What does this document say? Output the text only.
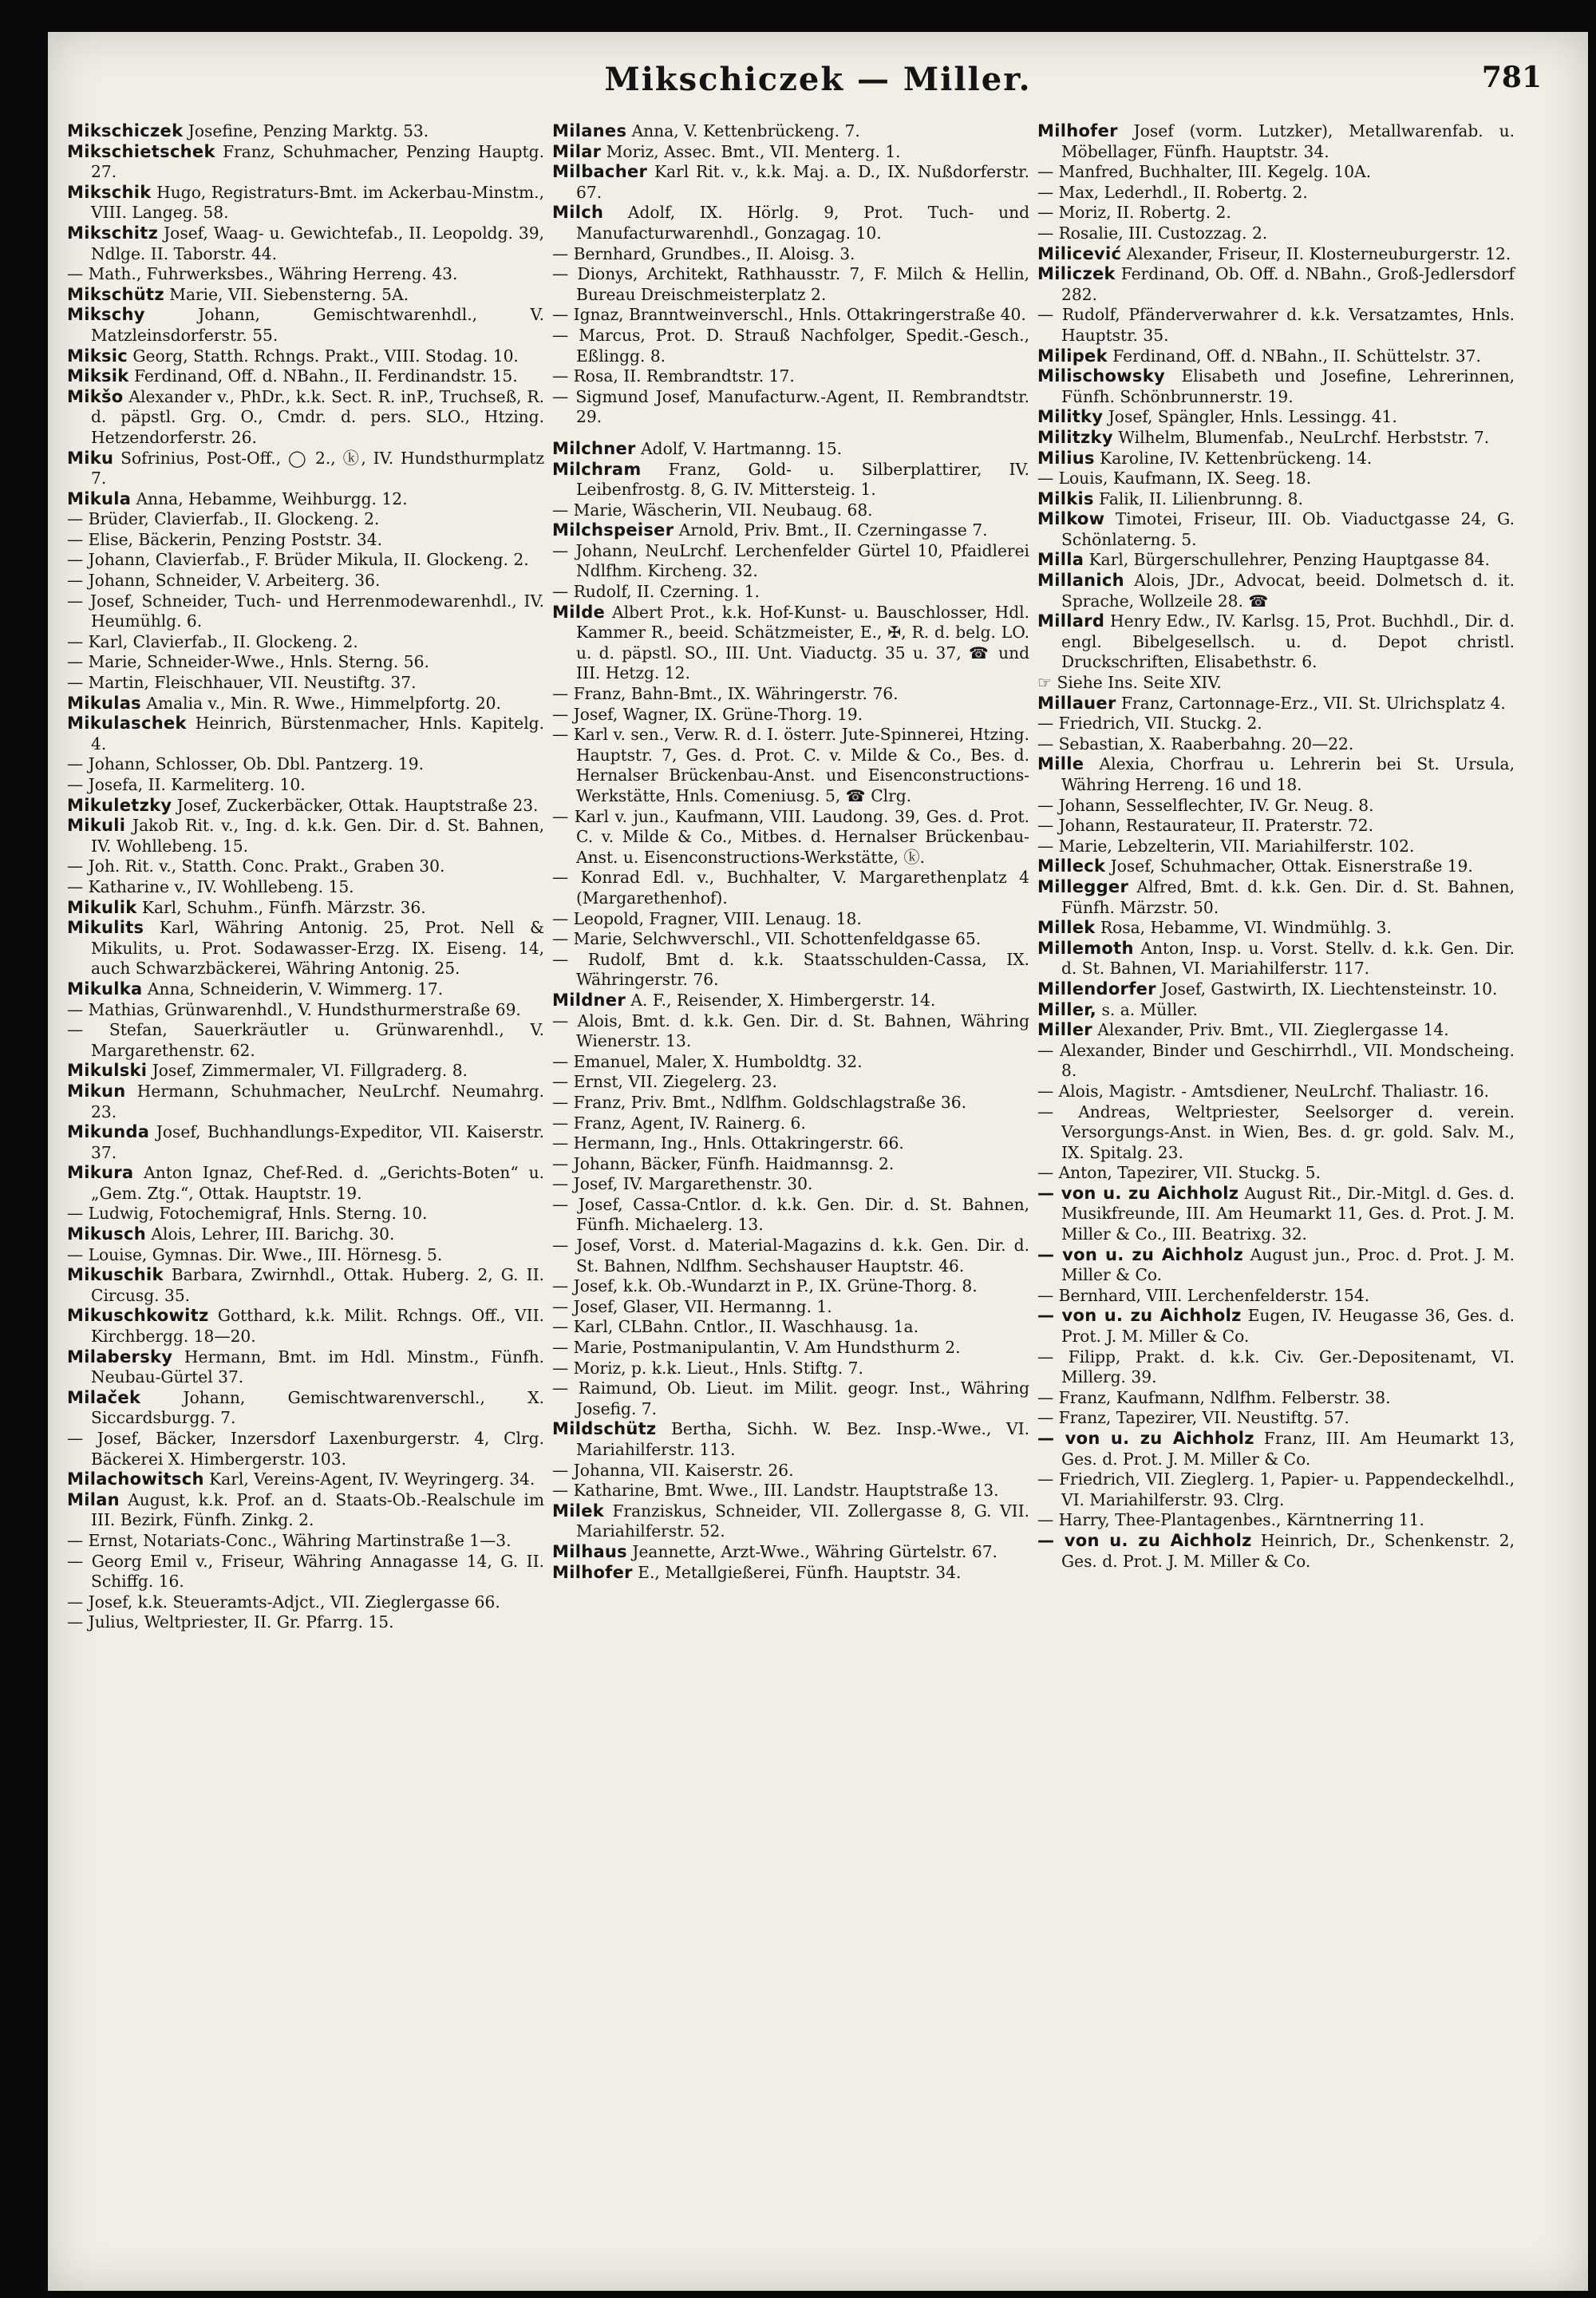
Mikschiczek — Miller.	781

Mikschiczek Josefine, Penzing Marktg. 53.

Mikschietschek Franz, Schuhmacher, Penzing Hauptg. 27.

Mikschik Hugo, Registraturs-Bmt. im Ackerbau-Minstm., VIII. Langeg. 58.

Mikschitz Josef, Waag- u. Gewichtefab., II. Leopoldg. 39, Ndlge. II. Taborstr. 44.

— Math., Fuhrwerksbes., Währing Herreng. 43.

Mikschütz Marie, VII. Siebensterng. 5A.

Mikschy Johann, Gemischtwarenhdl., V. Matzleinsdorferstr. 55.

Miksic Georg, Statth. Rchngs. Prakt., VIII. Stodag. 10.

Miksik Ferdinand, Off. d. NBahn., II. Ferdinandstr. 15.

Mikšo Alexander v., PhDr., k.k. Sect. R. inP., Truchseß, R. d. päpstl. Grg. O., Cmdr. d. pers. SLO., Htzing. Hetzendorferstr. 26.

Miku Sofrinius, Post-Off., ◯ 2., ⓚ, IV. Hundsthurmplatz 7.

Mikula Anna, Hebamme, Weihburgg. 12.

— Brüder, Clavierfab., II. Glockeng. 2.

— Elise, Bäckerin, Penzing Poststr. 34.

— Johann, Clavierfab., F. Brüder Mikula, II. Glockeng. 2.

— Johann, Schneider, V. Arbeiterg. 36.

— Josef, Schneider, Tuch- und Herrenmodewarenhdl., IV. Heumühlg. 6.

— Karl, Clavierfab., II. Glockeng. 2.

— Marie, Schneider-Wwe., Hnls. Sterng. 56.

— Martin, Fleischhauer, VII. Neustiftg. 37.

Mikulas Amalia v., Min. R. Wwe., Himmelpfortg. 20.

Mikulaschek Heinrich, Bürstenmacher, Hnls. Kapitelg. 4.

— Johann, Schlosser, Ob. Dbl. Pantzerg. 19.

— Josefa, II. Karmeliterg. 10.

Mikuletzky Josef, Zuckerbäcker, Ottak. Hauptstraße 23.

Mikuli Jakob Rit. v., Ing. d. k.k. Gen. Dir. d. St. Bahnen, IV. Wohllebeng. 15.

— Joh. Rit. v., Statth. Conc. Prakt., Graben 30.

— Katharine v., IV. Wohllebeng. 15.

Mikulik Karl, Schuhm., Fünfh. Märzstr. 36.

Mikulits Karl, Währing Antonig. 25, Prot. Nell & Mikulits, u. Prot. Sodawasser-Erzg. IX. Eiseng. 14, auch Schwarzbäckerei, Währing Antonig. 25.

Mikulka Anna, Schneiderin, V. Wimmerg. 17.

— Mathias, Grünwarenhdl., V. Hundsthurmerstraße 69.

— Stefan, Sauerkräutler u. Grünwarenhdl., V. Margarethenstr. 62.

Mikulski Josef, Zimmermaler, VI. Fillgraderg. 8.

Mikun Hermann, Schuhmacher, NeuLrchf. Neumahrg. 23.

Mikunda Josef, Buchhandlungs-Expeditor, VII. Kaiserstr. 37.

Mikura Anton Ignaz, Chef-Red. d. „Gerichts-Boten“ u. „Gem. Ztg.“, Ottak. Hauptstr. 19.

— Ludwig, Fotochemigraf, Hnls. Sterng. 10.

Mikusch Alois, Lehrer, III. Barichg. 30.

— Louise, Gymnas. Dir. Wwe., III. Hörnesg. 5.

Mikuschik Barbara, Zwirnhdl., Ottak. Huberg. 2, G. II. Circusg. 35.

Mikuschkowitz Gotthard, k.k. Milit. Rchngs. Off., VII. Kirchbergg. 18—20.

Milabersky Hermann, Bmt. im Hdl. Minstm., Fünfh. Neubau-Gürtel 37.

Milaček Johann, Gemischtwarenverschl., X. Siccardsburgg. 7.

— Josef, Bäcker, Inzersdorf Laxenburgerstr. 4, Clrg. Bäckerei X. Himbergerstr. 103.

Milachowitsch Karl, Vereins-Agent, IV. Weyringerg. 34.

Milan August, k.k. Prof. an d. Staats-Ob.-Realschule im III. Bezirk, Fünfh. Zinkg. 2.

— Ernst, Notariats-Conc., Währing Martinstraße 1—3.

— Georg Emil v., Friseur, Währing Annagasse 14, G. II. Schiffg. 16.

— Josef, k.k. Steueramts-Adjct., VII. Zieglergasse 66.

— Julius, Weltpriester, II. Gr. Pfarrg. 15.

Milanes Anna, V. Kettenbrückeng. 7.

Milar Moriz, Assec. Bmt., VII. Menterg. 1.

Milbacher Karl Rit. v., k.k. Maj. a. D., IX. Nußdorferstr. 67.

Milch Adolf, IX. Hörlg. 9, Prot. Tuch- und Manufacturwarenhdl., Gonzagag. 10.

— Bernhard, Grundbes., II. Aloisg. 3.

— Dionys, Architekt, Rathhausstr. 7, F. Milch & Hellin, Bureau Dreischmeisterplatz 2.

— Ignaz, Branntweinverschl., Hnls. Ottakringerstraße 40.

— Marcus, Prot. D. Strauß Nachfolger, Spedit.-Gesch., Eßlingg. 8.

— Rosa, II. Rembrandtstr. 17.

— Sigmund Josef, Manufacturw.-Agent, II. Rembrandtstr. 29.

Milchner Adolf, V. Hartmanng. 15.

Milchram Franz, Gold- u. Silberplattirer, IV. Leibenfrostg. 8, G. IV. Mittersteig. 1.

— Marie, Wäscherin, VII. Neubaug. 68.

Milchspeiser Arnold, Priv. Bmt., II. Czerningasse 7.

— Johann, NeuLrchf. Lerchenfelder Gürtel 10, Pfaidlerei Ndlfhm. Kircheng. 32.

— Rudolf, II. Czerning. 1.

Milde Albert Prot., k.k. Hof-Kunst- u. Bauschlosser, Hdl. Kammer R., beeid. Schätzmeister, E., ✠, R. d. belg. LO. u. d. päpstl. SO., III. Unt. Viaductg. 35 u. 37, ☎ und III. Hetzg. 12.

— Franz, Bahn-Bmt., IX. Währingerstr. 76.

— Josef, Wagner, IX. Grüne-Thorg. 19.

— Karl v. sen., Verw. R. d. I. österr. Jute-Spinnerei, Htzing. Hauptstr. 7, Ges. d. Prot. C. v. Milde & Co., Bes. d. Hernalser Brückenbau-Anst. und Eisenconstructions-Werkstätte, Hnls. Comeniusg. 5, ☎ Clrg.

— Karl v. jun., Kaufmann, VIII. Laudong. 39, Ges. d. Prot. C. v. Milde & Co., Mitbes. d. Hernalser Brückenbau-Anst. u. Eisenconstructions-Werkstätte, ⓚ.

— Konrad Edl. v., Buchhalter, V. Margarethenplatz 4 (Margarethenhof).

— Leopold, Fragner, VIII. Lenaug. 18.

— Marie, Selchwverschl., VII. Schottenfeldgasse 65.

— Rudolf, Bmt d. k.k. Staatsschulden-Cassa, IX. Währingerstr. 76.

Mildner A. F., Reisender, X. Himbergerstr. 14.

— Alois, Bmt. d. k.k. Gen. Dir. d. St. Bahnen, Währing Wienerstr. 13.

— Emanuel, Maler, X. Humboldtg. 32.

— Ernst, VII. Ziegelerg. 23.

— Franz, Priv. Bmt., Ndlfhm. Goldschlagstraße 36.

— Franz, Agent, IV. Rainerg. 6.

— Hermann, Ing., Hnls. Ottakringerstr. 66.

— Johann, Bäcker, Fünfh. Haidmannsg. 2.

— Josef, IV. Margarethenstr. 30.

— Josef, Cassa-Cntlor. d. k.k. Gen. Dir. d. St. Bahnen, Fünfh. Michaelerg. 13.

— Josef, Vorst. d. Material-Magazins d. k.k. Gen. Dir. d. St. Bahnen, Ndlfhm. Sechshauser Hauptstr. 46.

— Josef, k.k. Ob.-Wundarzt in P., IX. Grüne-Thorg. 8.

— Josef, Glaser, VII. Hermanng. 1.

— Karl, CLBahn. Cntlor., II. Waschhausg. 1a.

— Marie, Postmanipulantin, V. Am Hundsthurm 2.

— Moriz, p. k.k. Lieut., Hnls. Stiftg. 7.

— Raimund, Ob. Lieut. im Milit. geogr. Inst., Währing Josefig. 7.

Mildschütz Bertha, Sichh. W. Bez. Insp.-Wwe., VI. Mariahilferstr. 113.

— Johanna, VII. Kaiserstr. 26.

— Katharine, Bmt. Wwe., III. Landstr. Hauptstraße 13.

Milek Franziskus, Schneider, VII. Zollergasse 8, G. VII. Mariahilferstr. 52.

Milhaus Jeannette, Arzt-Wwe., Währing Gürtelstr. 67.

Milhofer E., Metallgießerei, Fünfh. Hauptstr. 34.

Milhofer Josef (vorm. Lutzker), Metallwarenfab. u. Möbellager, Fünfh. Hauptstr. 34.

— Manfred, Buchhalter, III. Kegelg. 10A.

— Max, Lederhdl., II. Robertg. 2.

— Moriz, II. Robertg. 2.

— Rosalie, III. Custozzag. 2.

Milicević Alexander, Friseur, II. Klosterneuburgerstr. 12.

Miliczek Ferdinand, Ob. Off. d. NBahn., Groß-Jedlersdorf 282.

— Rudolf, Pfänderverwahrer d. k.k. Versatzamtes, Hnls. Hauptstr. 35.

Milipek Ferdinand, Off. d. NBahn., II. Schüttelstr. 37.

Milischowsky Elisabeth und Josefine, Lehrerinnen, Fünfh. Schönbrunnerstr. 19.

Militky Josef, Spängler, Hnls. Lessingg. 41.

Militzky Wilhelm, Blumenfab., NeuLrchf. Herbststr. 7.

Milius Karoline, IV. Kettenbrückeng. 14.

— Louis, Kaufmann, IX. Seeg. 18.

Milkis Falik, II. Lilienbrunng. 8.

Milkow Timotei, Friseur, III. Ob. Viaductgasse 24, G. Schönlaterng. 5.

Milla Karl, Bürgerschullehrer, Penzing Hauptgasse 84.

Millanich Alois, JDr., Advocat, beeid. Dolmetsch d. it. Sprache, Wollzeile 28. ☎

Millard Henry Edw., IV. Karlsg. 15, Prot. Buchhdl., Dir. d. engl. Bibelgesellsch. u. d. Depot christl. Druckschriften, Elisabethstr. 6.

☞ Siehe Ins. Seite XIV.

Millauer Franz, Cartonnage-Erz., VII. St. Ulrichsplatz 4.

— Friedrich, VII. Stuckg. 2.

— Sebastian, X. Raaberbahng. 20—22.

Mille Alexia, Chorfrau u. Lehrerin bei St. Ursula, Währing Herreng. 16 und 18.

— Johann, Sesselflechter, IV. Gr. Neug. 8.

— Johann, Restaurateur, II. Praterstr. 72.

— Marie, Lebzelterin, VII. Mariahilferstr. 102.

Milleck Josef, Schuhmacher, Ottak. Eisnerstraße 19.

Millegger Alfred, Bmt. d. k.k. Gen. Dir. d. St. Bahnen, Fünfh. Märzstr. 50.

Millek Rosa, Hebamme, VI. Windmühlg. 3.

Millemoth Anton, Insp. u. Vorst. Stellv. d. k.k. Gen. Dir. d. St. Bahnen, VI. Mariahilferstr. 117.

Millendorfer Josef, Gastwirth, IX. Liechtensteinstr. 10.

Miller, s. a. Müller.

Miller Alexander, Priv. Bmt., VII. Zieglergasse 14.

— Alexander, Binder und Geschirrhdl., VII. Mondscheing. 8.

— Alois, Magistr. - Amtsdiener, NeuLrchf. Thaliastr. 16.

— Andreas, Weltpriester, Seelsorger d. verein. Versorgungs-Anst. in Wien, Bes. d. gr. gold. Salv. M., IX. Spitalg. 23.

— Anton, Tapezirer, VII. Stuckg. 5.

— von u. zu Aichholz August Rit., Dir.-Mitgl. d. Ges. d. Musikfreunde, III. Am Heumarkt 11, Ges. d. Prot. J. M. Miller & Co., III. Beatrixg. 32.

— von u. zu Aichholz August jun., Proc. d. Prot. J. M. Miller & Co.

— Bernhard, VIII. Lerchenfelderstr. 154.

— von u. zu Aichholz Eugen, IV. Heugasse 36, Ges. d. Prot. J. M. Miller & Co.

— Filipp, Prakt. d. k.k. Civ. Ger.-Depositenamt, VI. Millerg. 39.

— Franz, Kaufmann, Ndlfhm. Felberstr. 38.

— Franz, Tapezirer, VII. Neustiftg. 57.

— von u. zu Aichholz Franz, III. Am Heumarkt 13, Ges. d. Prot. J. M. Miller & Co.

— Friedrich, VII. Zieglerg. 1, Papier- u. Pappendeckelhdl., VI. Mariahilferstr. 93. Clrg.

— Harry, Thee-Plantagenbes., Kärntnerring 11.

— von u. zu Aichholz Heinrich, Dr., Schenkenstr. 2, Ges. d. Prot. J. M. Miller & Co.
